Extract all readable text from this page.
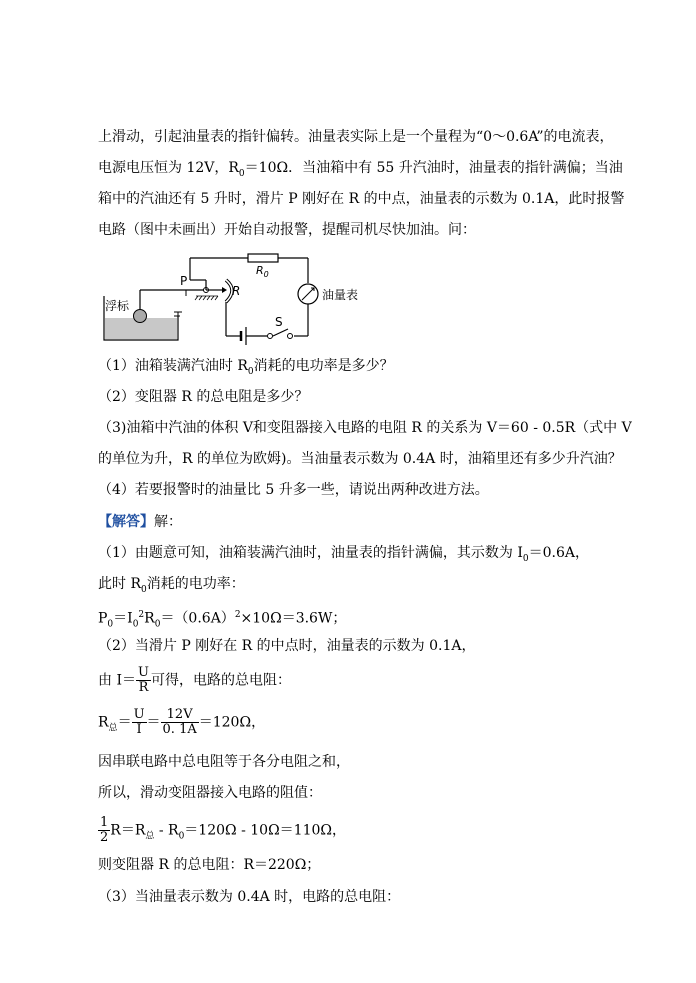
上滑动，引起油量表的指针偏转。油量表实际上是一个量程为“0～0.6A”的电流表，
电源电压恒为 12V，$R_0=10\Omega$．当油箱中有 55 升汽油时，油量表的指针满偏；当油
箱中的汽油还有 5 升时，滑片 P 刚好在 R 的中点，油量表的示数为 0.1A，此时报警
电路（图中未画出）开始自动报警，提醒司机尽快加油。问：
$R_0$
P
R
浮标
油量表
S
（1）油箱装满汽油时 $R_0$消耗的电功率是多少？
（2）变阻器 R 的总电阻是多少？
（3)油箱中汽油的体积 V和变阻器接入电路的电阻 R 的关系为 V＝60 - 0.5R（式中 V
的单位为升，R 的单位为欧姆)。当油量表示数为 0.4A 时，油箱里还有多少升汽油？
（4）若要报警时的油量比 5 升多一些，请说出两种改进方法。
【解答】解：
（1）由题意可知，油箱装满汽油时，油量表的指针满偏，其示数为 $I_0=0.6A$，
此时 $R_0$消耗的电功率：
$P_0=I_0^2R_0=(0.6A)^2\times 10\Omega=3.6W$；
（2）当滑片 P 刚好在 R 的中点时，油量表的示数为 0.1A，
由 $I= \frac{U}{R}$ 可得，电路的总电阻：
$R_总= \frac{U}{I} = \frac{12V}{0. 1A} =120\Omega$，
因串联电路中总电阻等于各分电阻之和，
所以，滑动变阻器接入电路的阻值：
$\frac{1}{2} R=R_总 - R_0=120\Omega - 10\Omega=110\Omega$，
则变阻器 R 的总电阻：R＝220Ω；
（3）当油量表示数为 0.4A 时，电路的总电阻：
